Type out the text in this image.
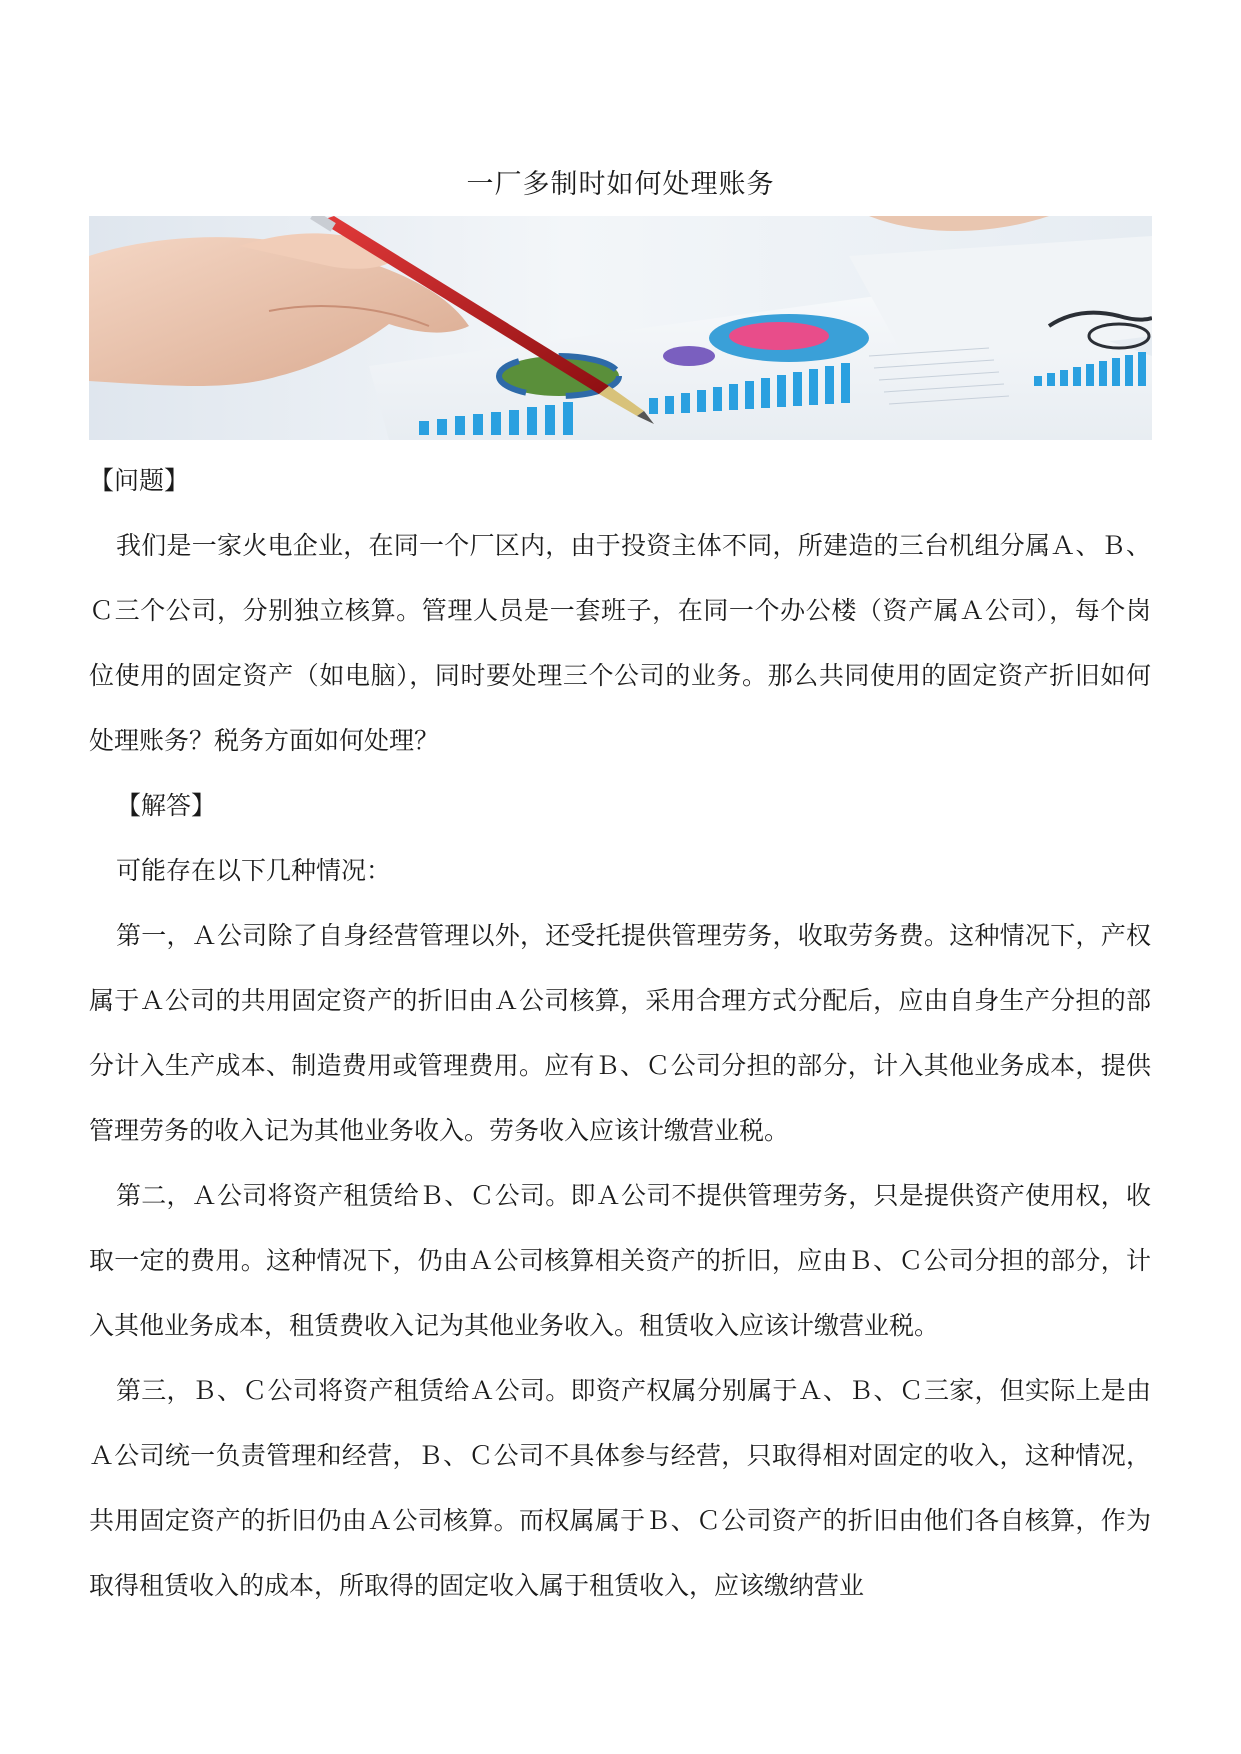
一厂多制时如何处理账务

【问题】

我们是一家火电企业，在同一个厂区内，由于投资主体不同，所建造的三台机组分属Ａ、Ｂ、Ｃ三个公司，分别独立核算。管理人员是一套班子，在同一个办公楼（资产属Ａ公司），每个岗位使用的固定资产（如电脑），同时要处理三个公司的业务。那么共同使用的固定资产折旧如何处理账务？税务方面如何处理？

【解答】

可能存在以下几种情况：

第一，Ａ公司除了自身经营管理以外，还受托提供管理劳务，收取劳务费。这种情况下，产权属于Ａ公司的共用固定资产的折旧由Ａ公司核算，采用合理方式分配后，应由自身生产分担的部分计入生产成本、制造费用或管理费用。应有Ｂ、Ｃ公司分担的部分，计入其他业务成本，提供管理劳务的收入记为其他业务收入。劳务收入应该计缴营业税。

第二，Ａ公司将资产租赁给Ｂ、Ｃ公司。即Ａ公司不提供管理劳务，只是提供资产使用权，收取一定的费用。这种情况下，仍由Ａ公司核算相关资产的折旧，应由Ｂ、Ｃ公司分担的部分，计入其他业务成本，租赁费收入记为其他业务收入。租赁收入应该计缴营业税。

第三，Ｂ、Ｃ公司将资产租赁给Ａ公司。即资产权属分别属于Ａ、Ｂ、Ｃ三家，但实际上是由Ａ公司统一负责管理和经营，Ｂ、Ｃ公司不具体参与经营，只取得相对固定的收入，这种情况，共用固定资产的折旧仍由Ａ公司核算。而权属属于Ｂ、Ｃ公司资产的折旧由他们各自核算，作为取得租赁收入的成本，所取得的固定收入属于租赁收入，应该缴纳营业
